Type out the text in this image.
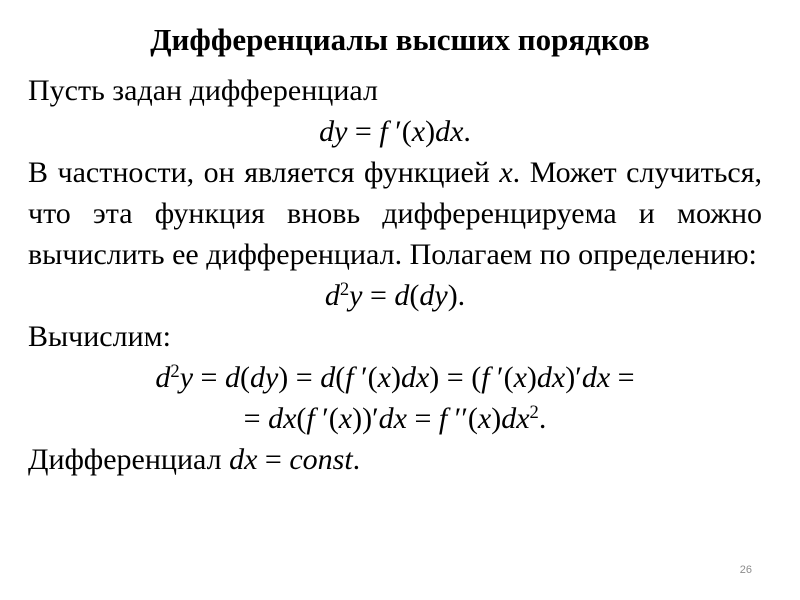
Дифференциалы высших порядков

Пусть задан дифференциал

dy = f ′(x)dx.

В частности, он является функцией x. Может случиться, что эта функция вновь дифференцируема и можно вычислить ее дифференциал. Полагаем по определению:

$d^2y = d(dy)$.

Вычислим:

$d^2y = d(dy) = d(f$ ′(x)dx) = (f ′(x)dx)′dx =

= dx(f ′(x))′dx = f $''(x)dx^2$.

Дифференциал dx = const.

26
